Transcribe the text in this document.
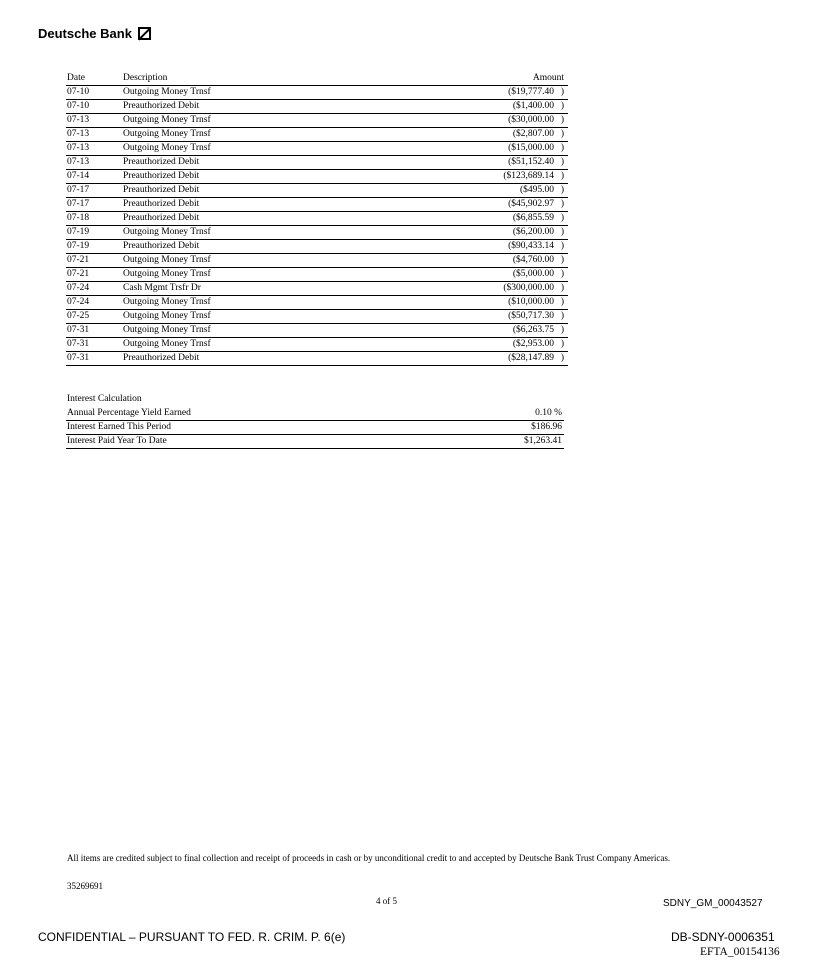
Deutsche Bank
Date	Description	Amount
07-10	Outgoing Money Trnsf	($19,777.40 )
07-10	Preauthorized Debit	($1,400.00 )
07-13	Outgoing Money Trnsf	($30,000.00 )
07-13	Outgoing Money Trnsf	($2,807.00 )
07-13	Outgoing Money Trnsf	($15,000.00 )
07-13	Preauthorized Debit	($51,152.40 )
07-14	Preauthorized Debit	($123,689.14 )
07-17	Preauthorized Debit	($495.00 )
07-17	Preauthorized Debit	($45,902.97 )
07-18	Preauthorized Debit	($6,855.59 )
07-19	Outgoing Money Trnsf	($6,200.00 )
07-19	Preauthorized Debit	($90,433.14 )
07-21	Outgoing Money Trnsf	($4,760.00 )
07-21	Outgoing Money Trnsf	($5,000.00 )
07-24	Cash Mgmt Trsfr Dr	($300,000.00 )
07-24	Outgoing Money Trnsf	($10,000.00 )
07-25	Outgoing Money Trnsf	($50,717.30 )
07-31	Outgoing Money Trnsf	($6,263.75 )
07-31	Outgoing Money Trnsf	($2,953.00 )
07-31	Preauthorized Debit	($28,147.89 )
Interest Calculation
Annual Percentage Yield Earned	0.10 %
Interest Earned This Period	$186.96
Interest Paid Year To Date	$1,263.41
All items are credited subject to final collection and receipt of proceeds in cash or by unconditional credit to and accepted by Deutsche Bank Trust Company Americas.
35269691
4 of 5	SDNY_GM_00043527
CONFIDENTIAL – PURSUANT TO FED. R. CRIM. P. 6(e)	DB-SDNY-0006351
EFTA_00154136
